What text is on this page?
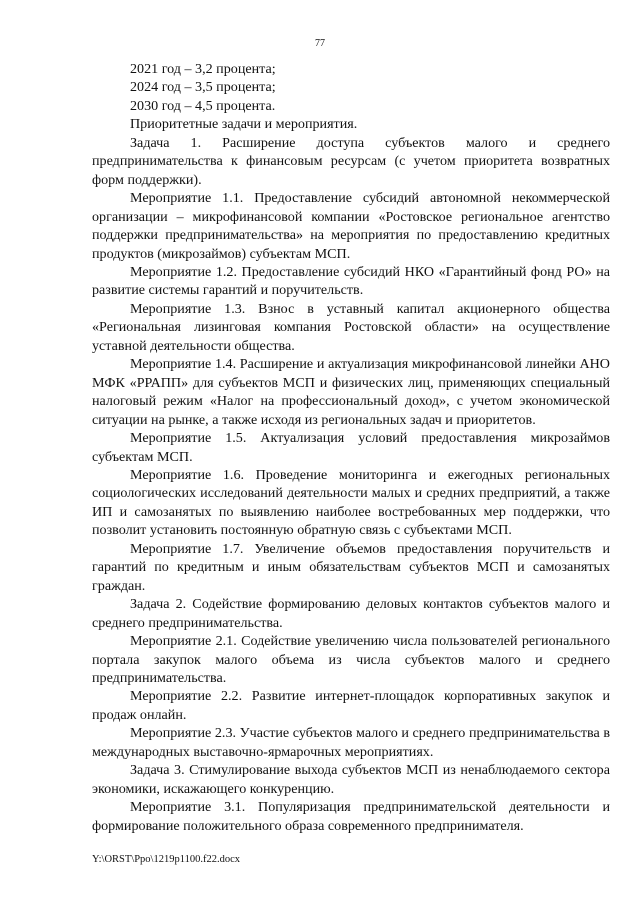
77

2021 год – 3,2 процента;

2024 год – 3,5 процента;

2030 год – 4,5 процента.

Приоритетные задачи и мероприятия.

Задача 1. Расширение доступа субъектов малого и среднего предпринимательства к финансовым ресурсам (с учетом приоритета возвратных форм поддержки).

Мероприятие 1.1. Предоставление субсидий автономной некоммерческой организации – микрофинансовой компании «Ростовское региональное агентство поддержки предпринимательства» на мероприятия по предоставлению кредитных продуктов (микрозаймов) субъектам МСП.

Мероприятие 1.2. Предоставление субсидий НКО «Гарантийный фонд РО» на развитие системы гарантий и поручительств.

Мероприятие 1.3. Взнос в уставный капитал акционерного общества «Региональная лизинговая компания Ростовской области» на осуществление уставной деятельности общества.

Мероприятие 1.4. Расширение и актуализация микрофинансовой линейки АНО МФК «РРАПП» для субъектов МСП и физических лиц, применяющих специальный налоговый режим «Налог на профессиональный доход», с учетом экономической ситуации на рынке, а также исходя из региональных задач и приоритетов.

Мероприятие 1.5. Актуализация условий предоставления микрозаймов субъектам МСП.

Мероприятие 1.6. Проведение мониторинга и ежегодных региональных социологических исследований деятельности малых и средних предприятий, а также ИП и самозанятых по выявлению наиболее востребованных мер поддержки, что позволит установить постоянную обратную связь с субъектами МСП.

Мероприятие 1.7. Увеличение объемов предоставления поручительств и гарантий по кредитным и иным обязательствам субъектов МСП и самозанятых граждан.

Задача 2. Содействие формированию деловых контактов субъектов малого и среднего предпринимательства.

Мероприятие 2.1. Содействие увеличению числа пользователей регионального портала закупок малого объема из числа субъектов малого и среднего предпринимательства.

Мероприятие 2.2. Развитие интернет-площадок корпоративных закупок и продаж онлайн.

Мероприятие 2.3. Участие субъектов малого и среднего предпринимательства в международных выставочно-ярмарочных мероприятиях.

Задача 3. Стимулирование выхода субъектов МСП из ненаблюдаемого сектора экономики, искажающего конкуренцию.

Мероприятие 3.1. Популяризация предпринимательской деятельности и формирование положительного образа современного предпринимателя.

Y:\ORST\Ppo\1219p1100.f22.docx
